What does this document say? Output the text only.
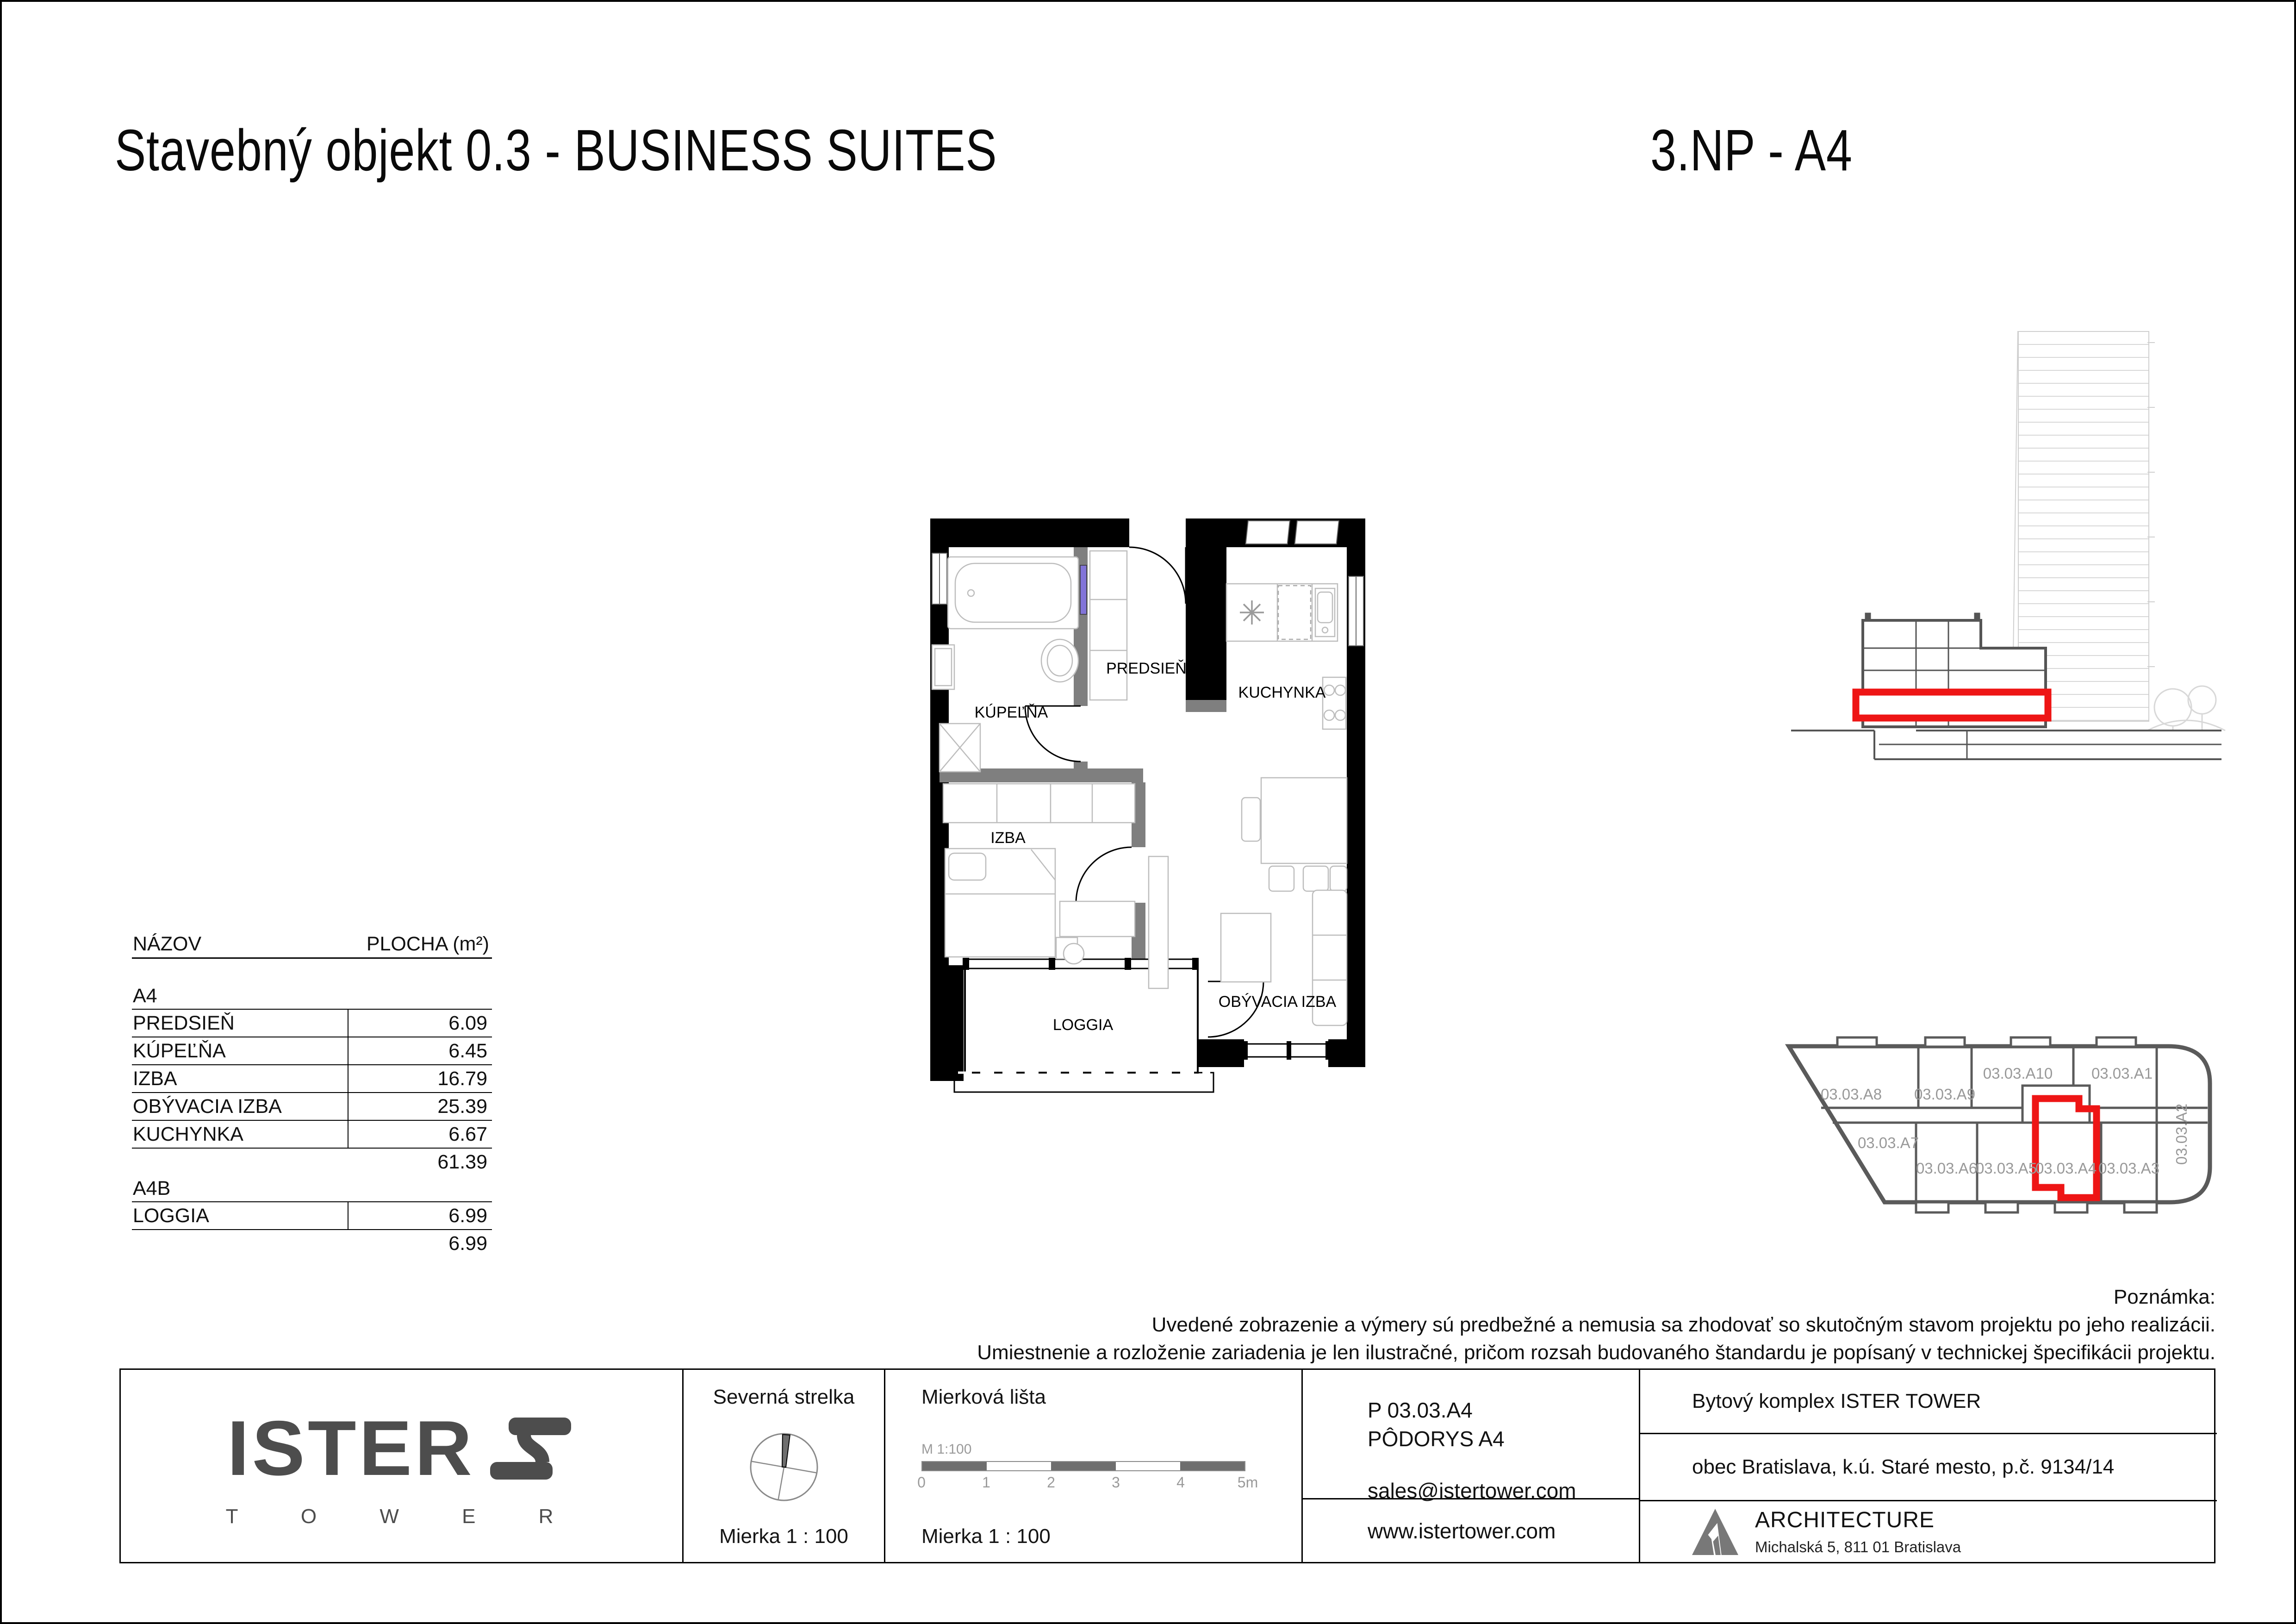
Stavebný objekt 0.3 - BUSINESS SUITES	3.NP - A4
NÁZOV	PLOCHA (m²)
A4
PREDSIEŇ	6.09
KÚPEĽŇA	6.45
IZBA	16.79
OBÝVACIA IZBA	25.39
KUCHYNKA	6.67
61.39
A4B
LOGGIA	6.99
6.99
KÚPEĽŇA
PREDSIEŇ
KUCHYNKA
IZBA
OBÝVACIA IZBA
LOGGIA
03.03.A8 03.03.A9
03.03.A10	03.03.A1
03.03.A2
03.03.A7
03.03.A6
03.03.A5
03.03.A4 03.03.A3
Poznámka:
Uvedené zobrazenie a výmery sú predbežné a nemusia sa zhodovať so skutočným stavom projektu po jeho realizácii.
Umiestnenie a rozloženie zariadenia je len ilustračné, pričom rozsah budovaného štandardu je popísaný v technickej špecifikácii projektu.
ISTER
T O W E R
Severná strelka
Mierka 1 : 100
Mierková lišta
M 1:100
0	1	2	3	4	5m
Mierka 1 : 100
P 03.03.A4
PÔDORYS A4
sales@istertower.com
www.istertower.com
Bytový komplex ISTER TOWER
obec Bratislava, k.ú. Staré mesto, p.č. 9134/14
ARCHITECTURE
Michalská 5, 811 01 Bratislava
